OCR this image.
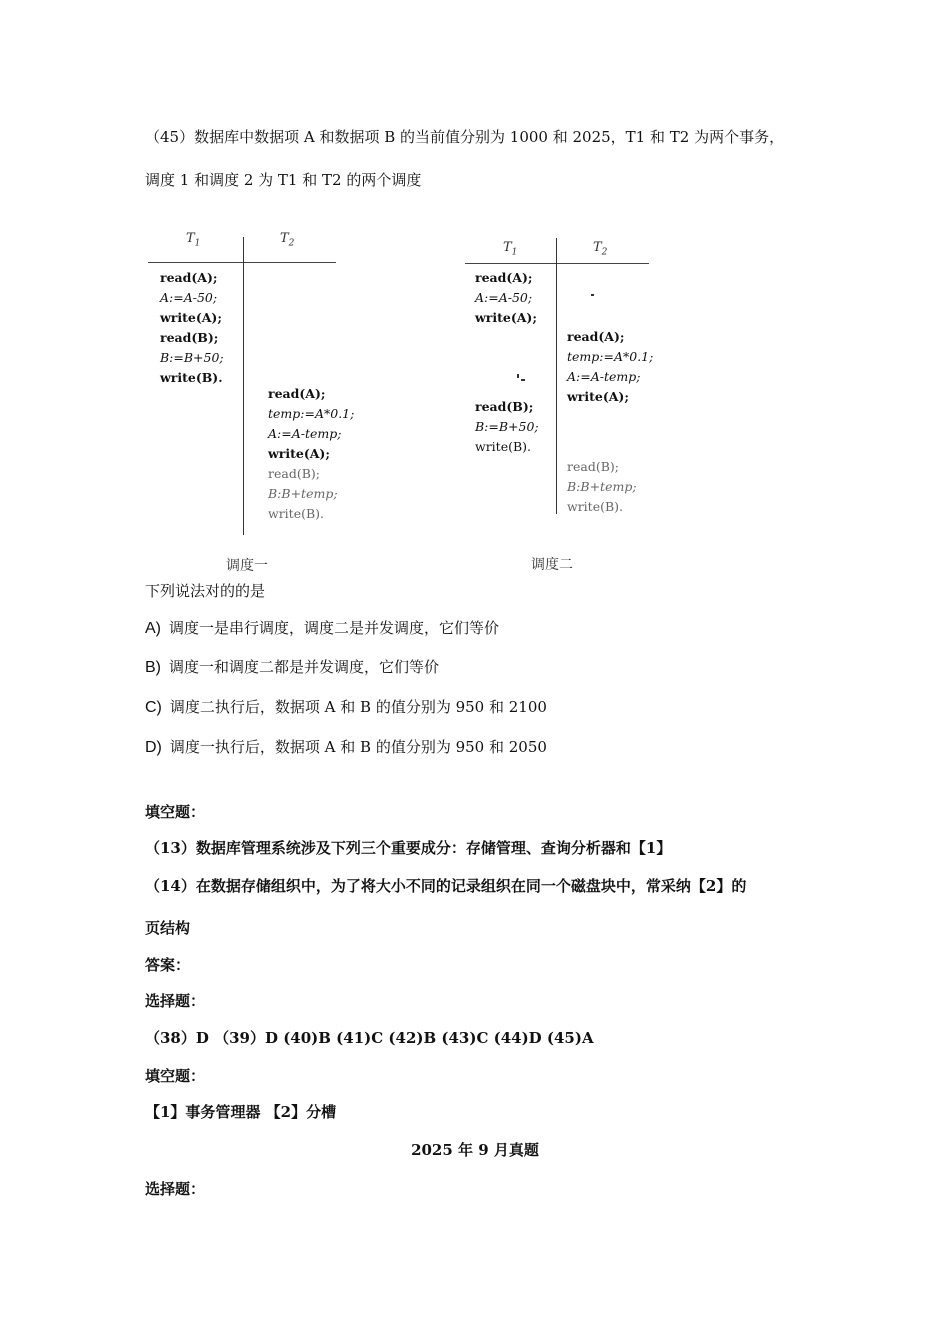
（45）数据库中数据项 A 和数据项 B 的当前值分别为 1000 和 2025，T1 和 T2 为两个事务，
调度 1 和调度 2 为 T1 和 T2 的两个调度
$T_1$	$T_2$
read(A);
A:=A-50;
write(A);
read(B);
B:=B+50;
write(B).
read(A);
temp:=A*0.1;
A:=A-temp;
write(A);
read(B);
B:B+temp;
write(B).
调度一
$T_1$	$T_2$
read(A);
A:=A-50;
write(A);
read(A);
temp:=A*0.1;
A:=A-temp;
write(A);
read(B);
B:=B+50;
write(B).
read(B);
B:B+temp;
write(B).
调度二
下列说法对的的是
A) 调度一是串行调度，调度二是并发调度，它们等价
B) 调度一和调度二都是并发调度，它们等价
C) 调度二执行后，数据项 A 和 B 的值分别为 950 和 2100
D) 调度一执行后，数据项 A 和 B 的值分别为 950 和 2050
填空题：
（13）数据库管理系统涉及下列三个重要成分：存储管理、查询分析器和【1】
（14）在数据存储组织中，为了将大小不同的记录组织在同一个磁盘块中，常采纳【2】的
页结构
答案：
选择题：
（38）D （39）D (40)B (41)C (42)B (43)C (44)D (45)A
填空题：
【1】事务管理器 【2】分槽
2025 年 9 月真题
选择题：
